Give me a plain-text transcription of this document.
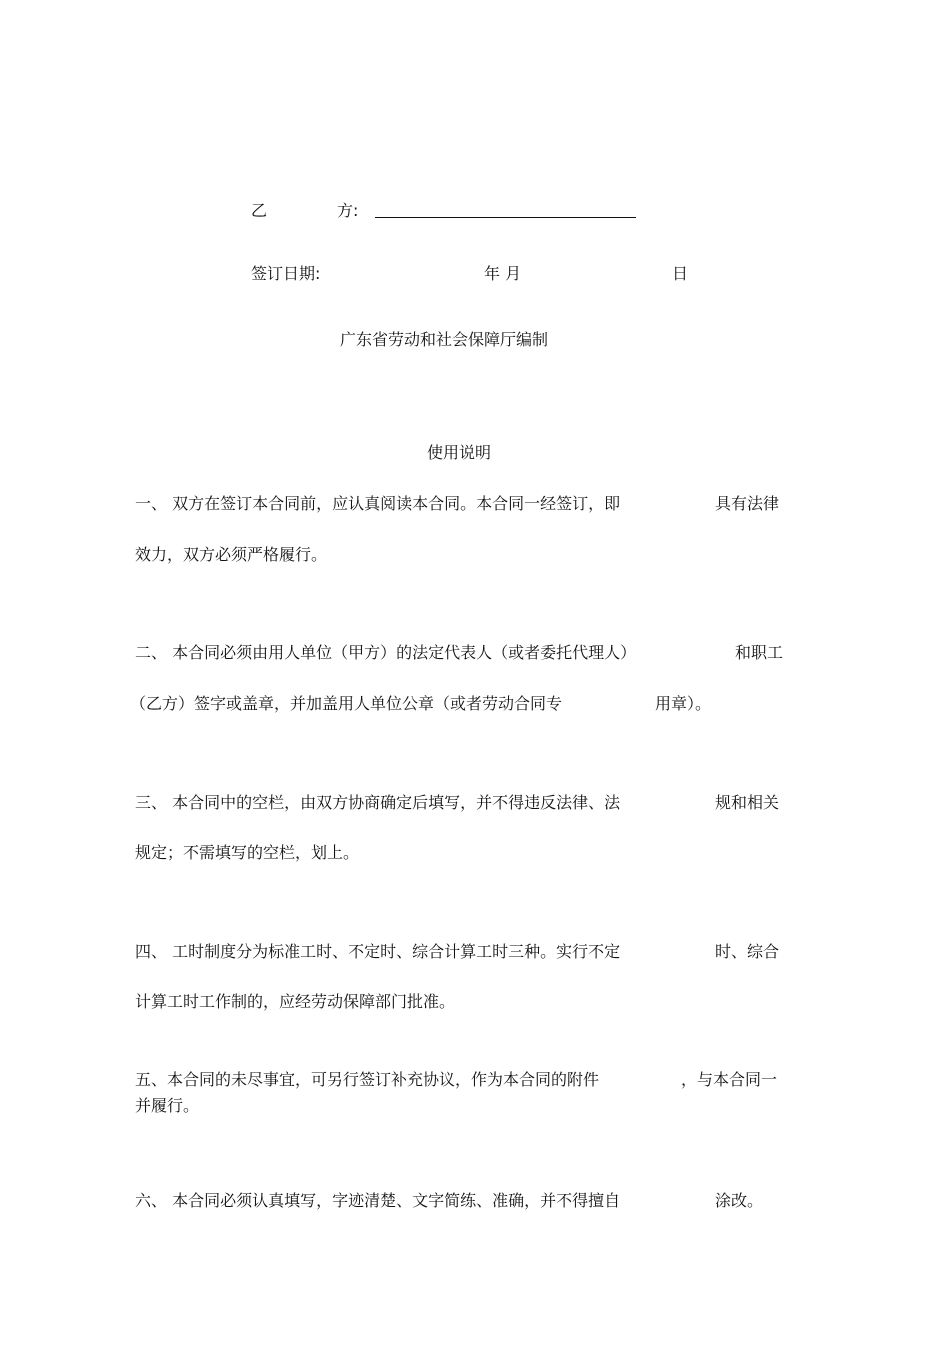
乙	方:
签订日期:	年 月	日
广东省劳动和社会保障厅编制
使用说明
一、 双方在签订本合同前，应认真阅读本合同。本合同一经签订，即	具有法律
效力，双方必须严格履行。
二、 本合同必须由用人单位（甲方）的法定代表人（或者委托代理人）	和职工
（乙方）签字或盖章，并加盖用人单位公章（或者劳动合同专	用章）。
三、 本合同中的空栏，由双方协商确定后填写，并不得违反法律、法	规和相关
规定；不需填写的空栏，划上。
四、 工时制度分为标准工时、不定时、综合计算工时三种。实行不定	时、综合
计算工时工作制的，应经劳动保障部门批准。
五、本合同的未尽事宜，可另行签订补充协议，作为本合同的附件	，与本合同一
并履行。
六、 本合同必须认真填写，字迹清楚、文字简练、准确，并不得擅自	涂改。
